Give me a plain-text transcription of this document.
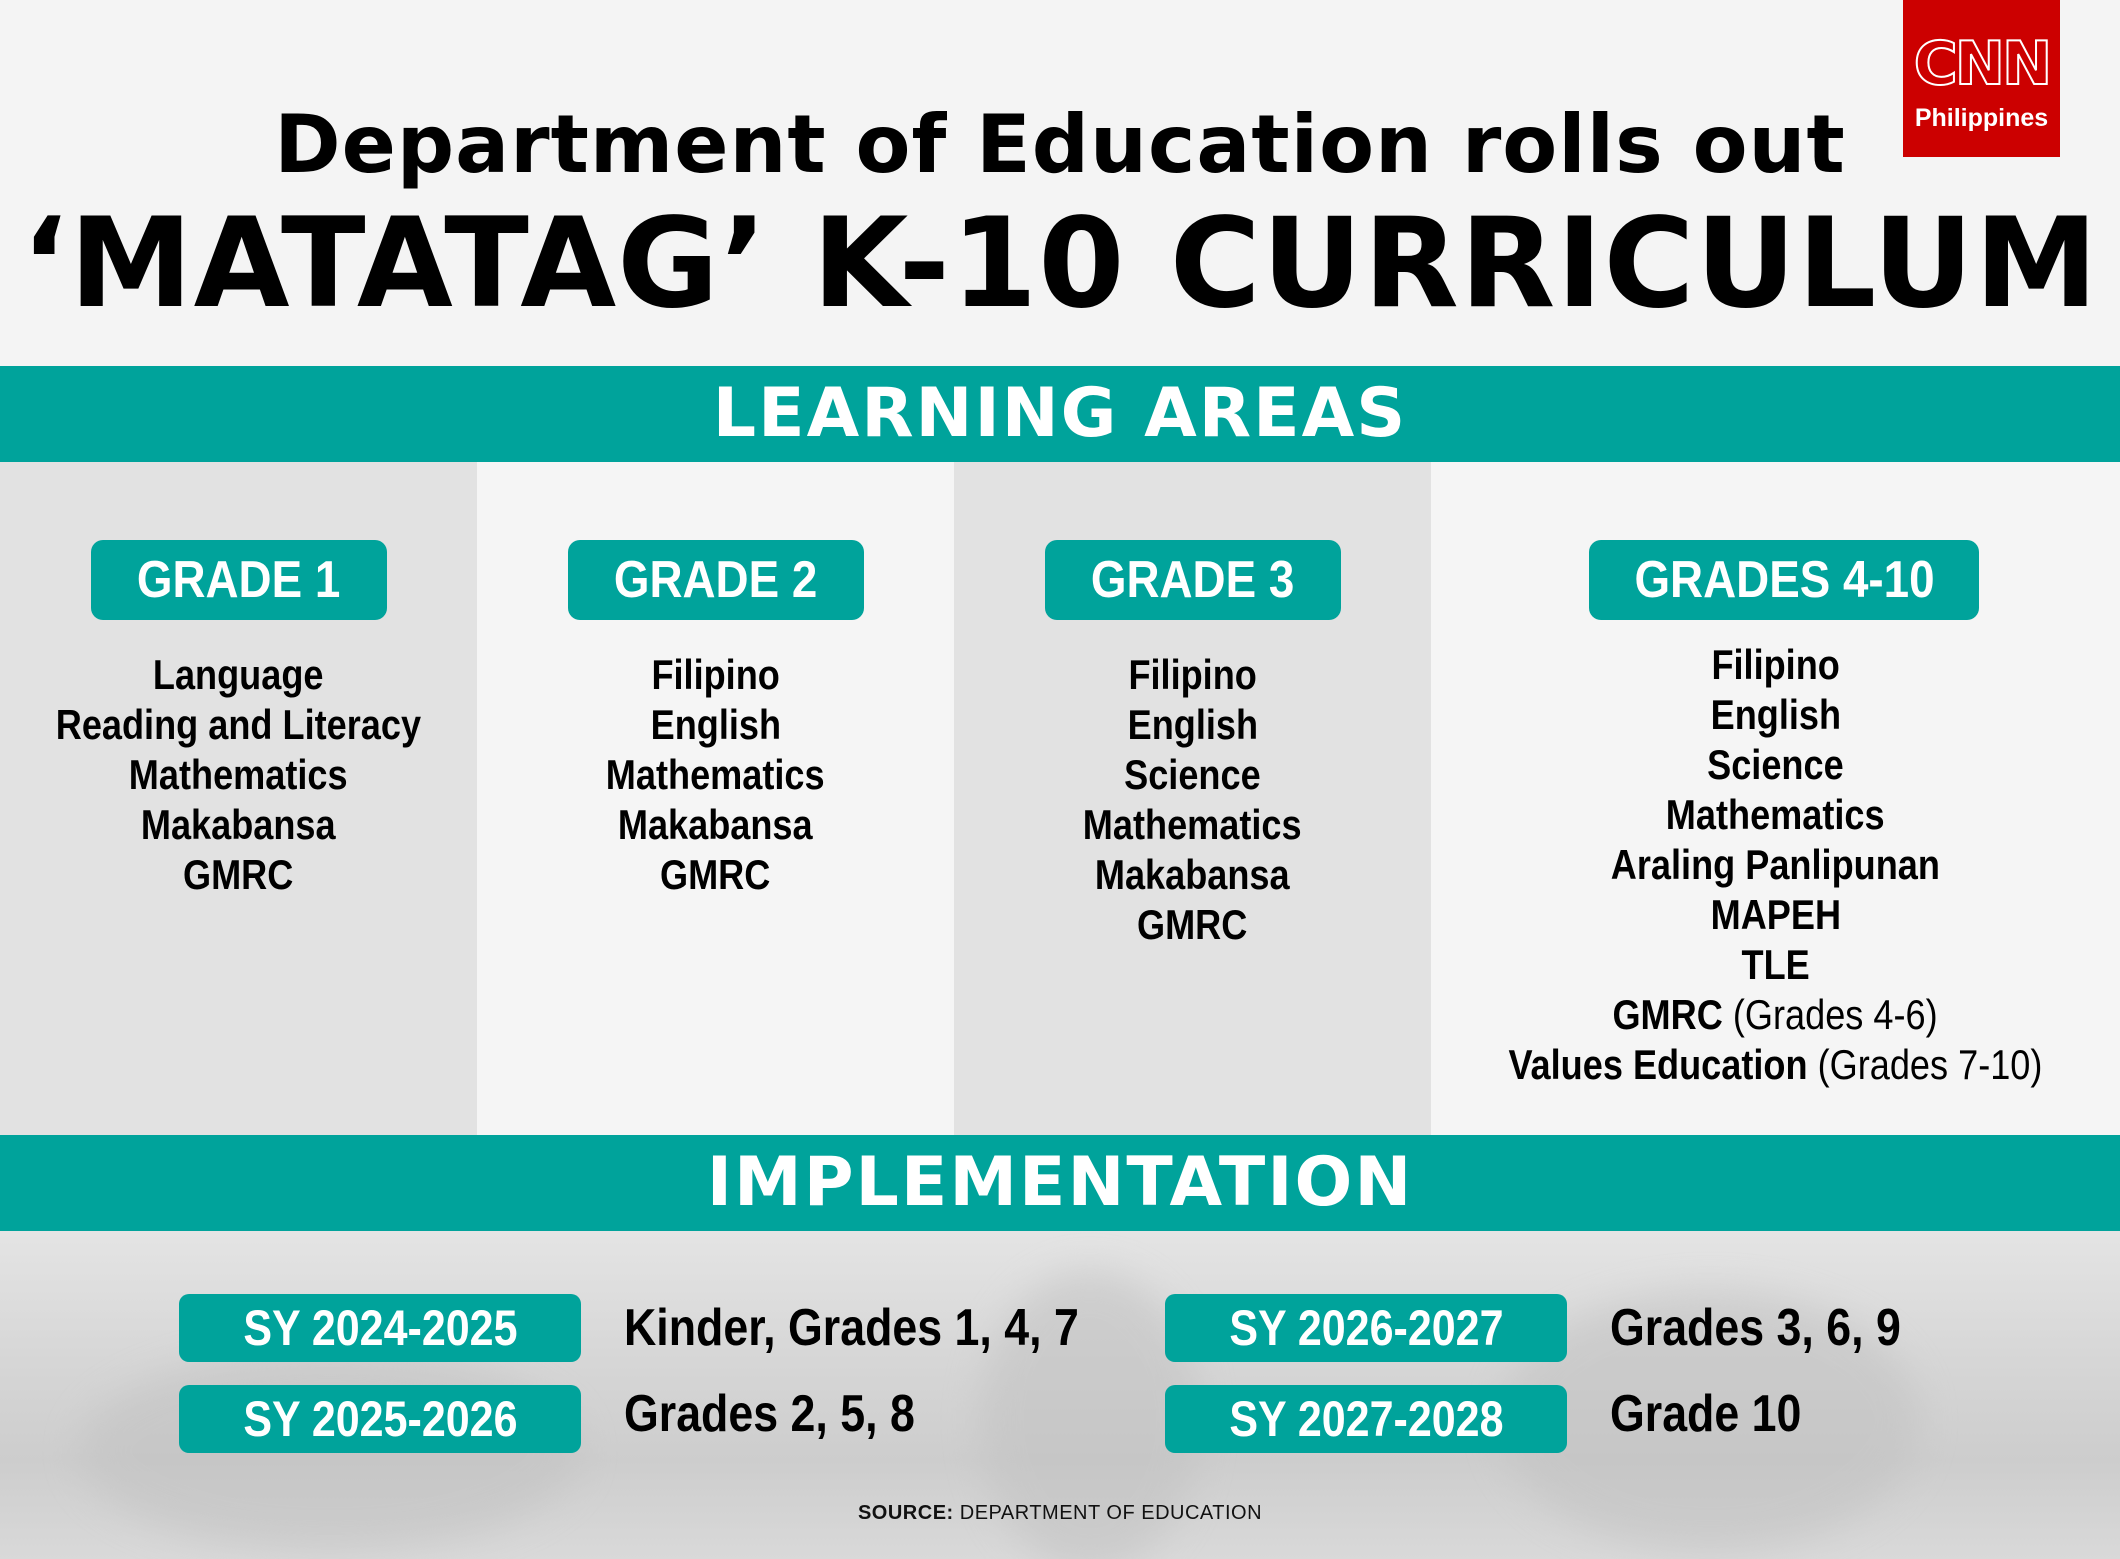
Department of Education rolls out
‘MATATAG’ K-10 CURRICULUM
CNN
Philippines
LEARNING AREAS
GRADE 1
Language
Reading and Literacy
Mathematics
Makabansa
GMRC
GRADE 2
Filipino
English
Mathematics
Makabansa
GMRC
GRADE 3
Filipino
English
Science
Mathematics
Makabansa
GMRC
GRADES 4-10
Filipino
English
Science
Mathematics
Araling Panlipunan
MAPEH
TLE
GMRC (Grades 4-6)
Values Education (Grades 7-10)
IMPLEMENTATION
SY 2024-2025	Kinder, Grades 1, 4, 7
SY 2025-2026	Grades 2, 5, 8
SY 2026-2027	Grades 3, 6, 9
SY 2027-2028	Grade 10
SOURCE: DEPARTMENT OF EDUCATION
